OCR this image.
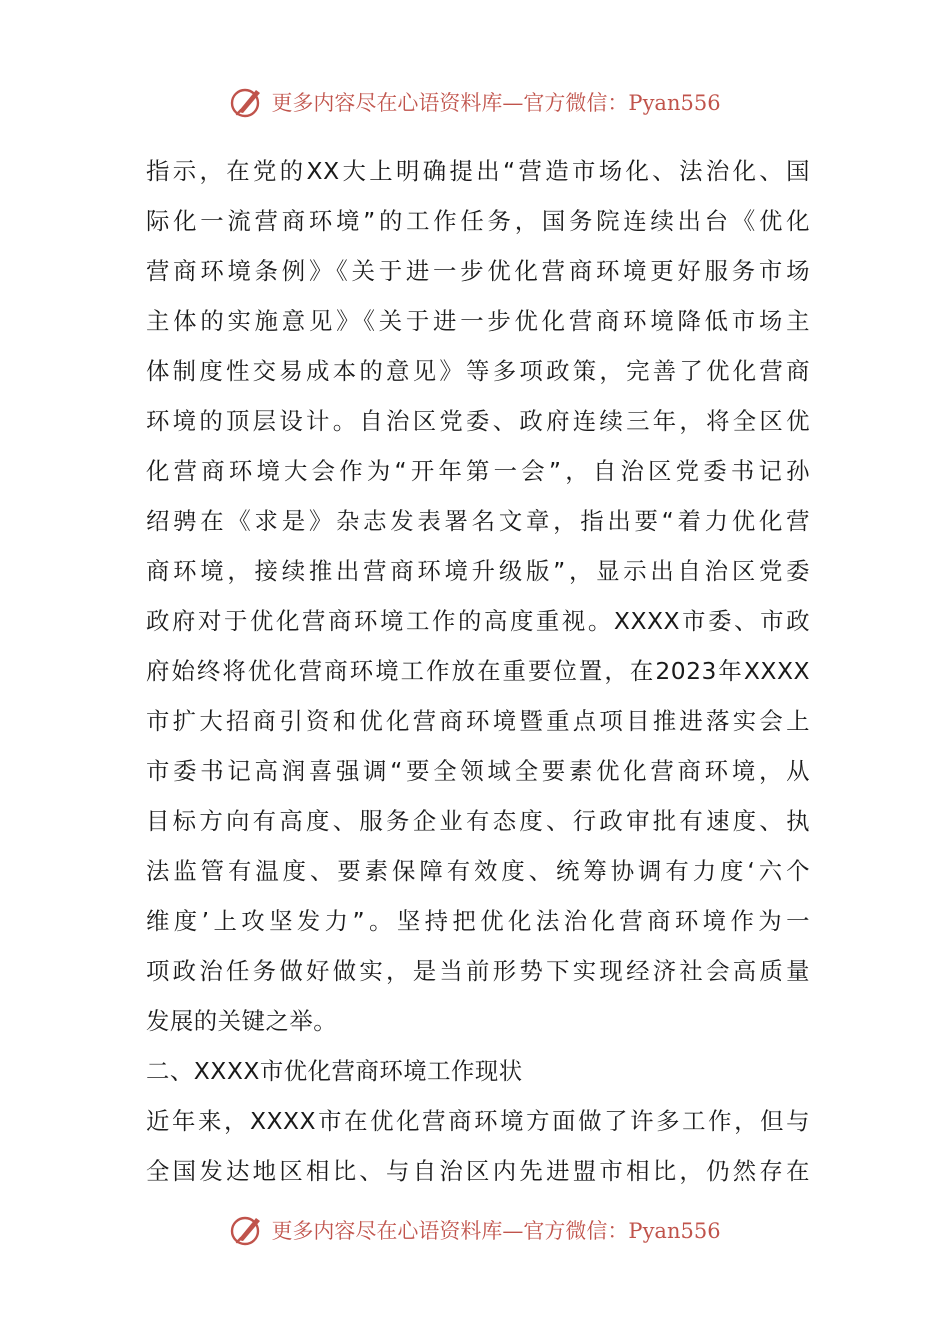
更多内容尽在心语资料库—官方微信：Pyan556
指示，在党的XX大上明确提出“营造市场化、法治化、国
际化一流营商环境”的工作任务，国务院连续出台《优化
营商环境条例》《关于进一步优化营商环境更好服务市场
主体的实施意见》《关于进一步优化营商环境降低市场主
体制度性交易成本的意见》等多项政策，完善了优化营商
环境的顶层设计。自治区党委、政府连续三年，将全区优
化营商环境大会作为“开年第一会”，自治区党委书记孙
绍骋在《求是》杂志发表署名文章，指出要“着力优化营
商环境，接续推出营商环境升级版”，显示出自治区党委
政府对于优化营商环境工作的高度重视。XXXX市委、市政
府始终将优化营商环境工作放在重要位置，在2023年XXXX
市扩大招商引资和优化营商环境暨重点项目推进落实会上
市委书记高润喜强调“要全领域全要素优化营商环境，从
目标方向有高度、服务企业有态度、行政审批有速度、执
法监管有温度、要素保障有效度、统筹协调有力度‘六个
维度’上攻坚发力”。坚持把优化法治化营商环境作为一
项政治任务做好做实，是当前形势下实现经济社会高质量
发展的关键之举。
二、XXXX市优化营商环境工作现状
近年来，XXXX市在优化营商环境方面做了许多工作，但与
全国发达地区相比、与自治区内先进盟市相比，仍然存在
更多内容尽在心语资料库—官方微信：Pyan556
